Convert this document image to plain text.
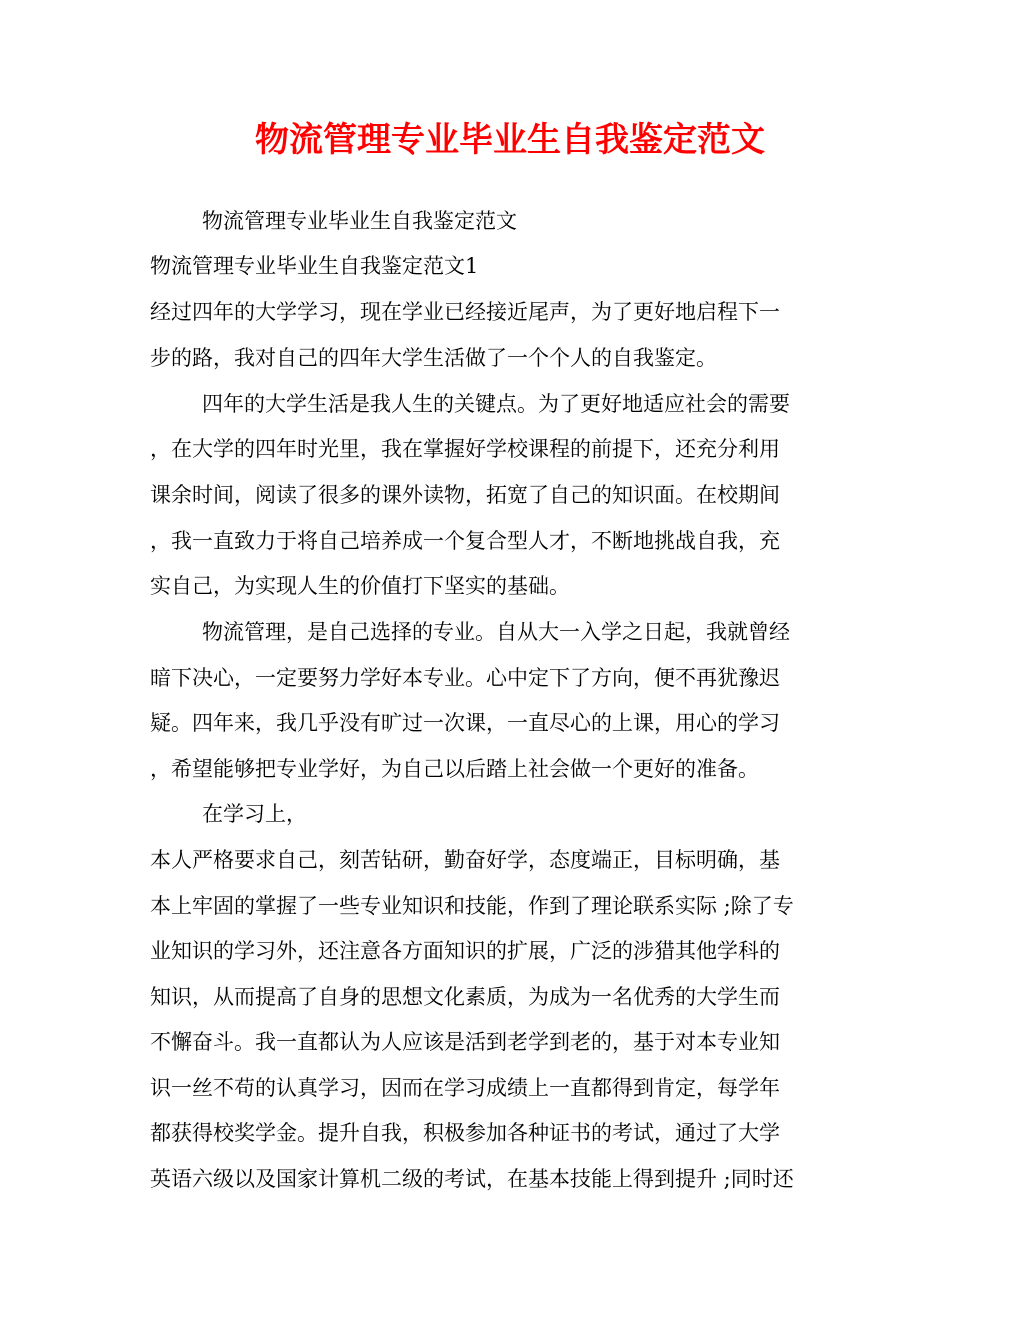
物流管理专业毕业生自我鉴定范文
物流管理专业毕业生自我鉴定范文
物流管理专业毕业生自我鉴定范文1
经过四年的大学学习，现在学业已经接近尾声，为了更好地启程下一
步的路，我对自己的四年大学生活做了一个个人的自我鉴定。
四年的大学生活是我人生的关键点。为了更好地适应社会的需要
，在大学的四年时光里，我在掌握好学校课程的前提下，还充分利用
课余时间，阅读了很多的课外读物，拓宽了自己的知识面。在校期间
，我一直致力于将自己培养成一个复合型人才，不断地挑战自我，充
实自己，为实现人生的价值打下坚实的基础。
物流管理，是自己选择的专业。自从大一入学之日起，我就曾经
暗下决心，一定要努力学好本专业。心中定下了方向，便不再犹豫迟
疑。四年来，我几乎没有旷过一次课，一直尽心的上课，用心的学习
，希望能够把专业学好，为自己以后踏上社会做一个更好的准备。
在学习上，
本人严格要求自己，刻苦钻研，勤奋好学，态度端正，目标明确，基
本上牢固的掌握了一些专业知识和技能，作到了理论联系实际 ;除了专
业知识的学习外，还注意各方面知识的扩展，广泛的涉猎其他学科的
知识，从而提高了自身的思想文化素质，为成为一名优秀的大学生而
不懈奋斗。我一直都认为人应该是活到老学到老的，基于对本专业知
识一丝不苟的认真学习，因而在学习成绩上一直都得到肯定，每学年
都获得校奖学金。提升自我，积极参加各种证书的考试，通过了大学
英语六级以及国家计算机二级的考试，在基本技能上得到提升 ;同时还
